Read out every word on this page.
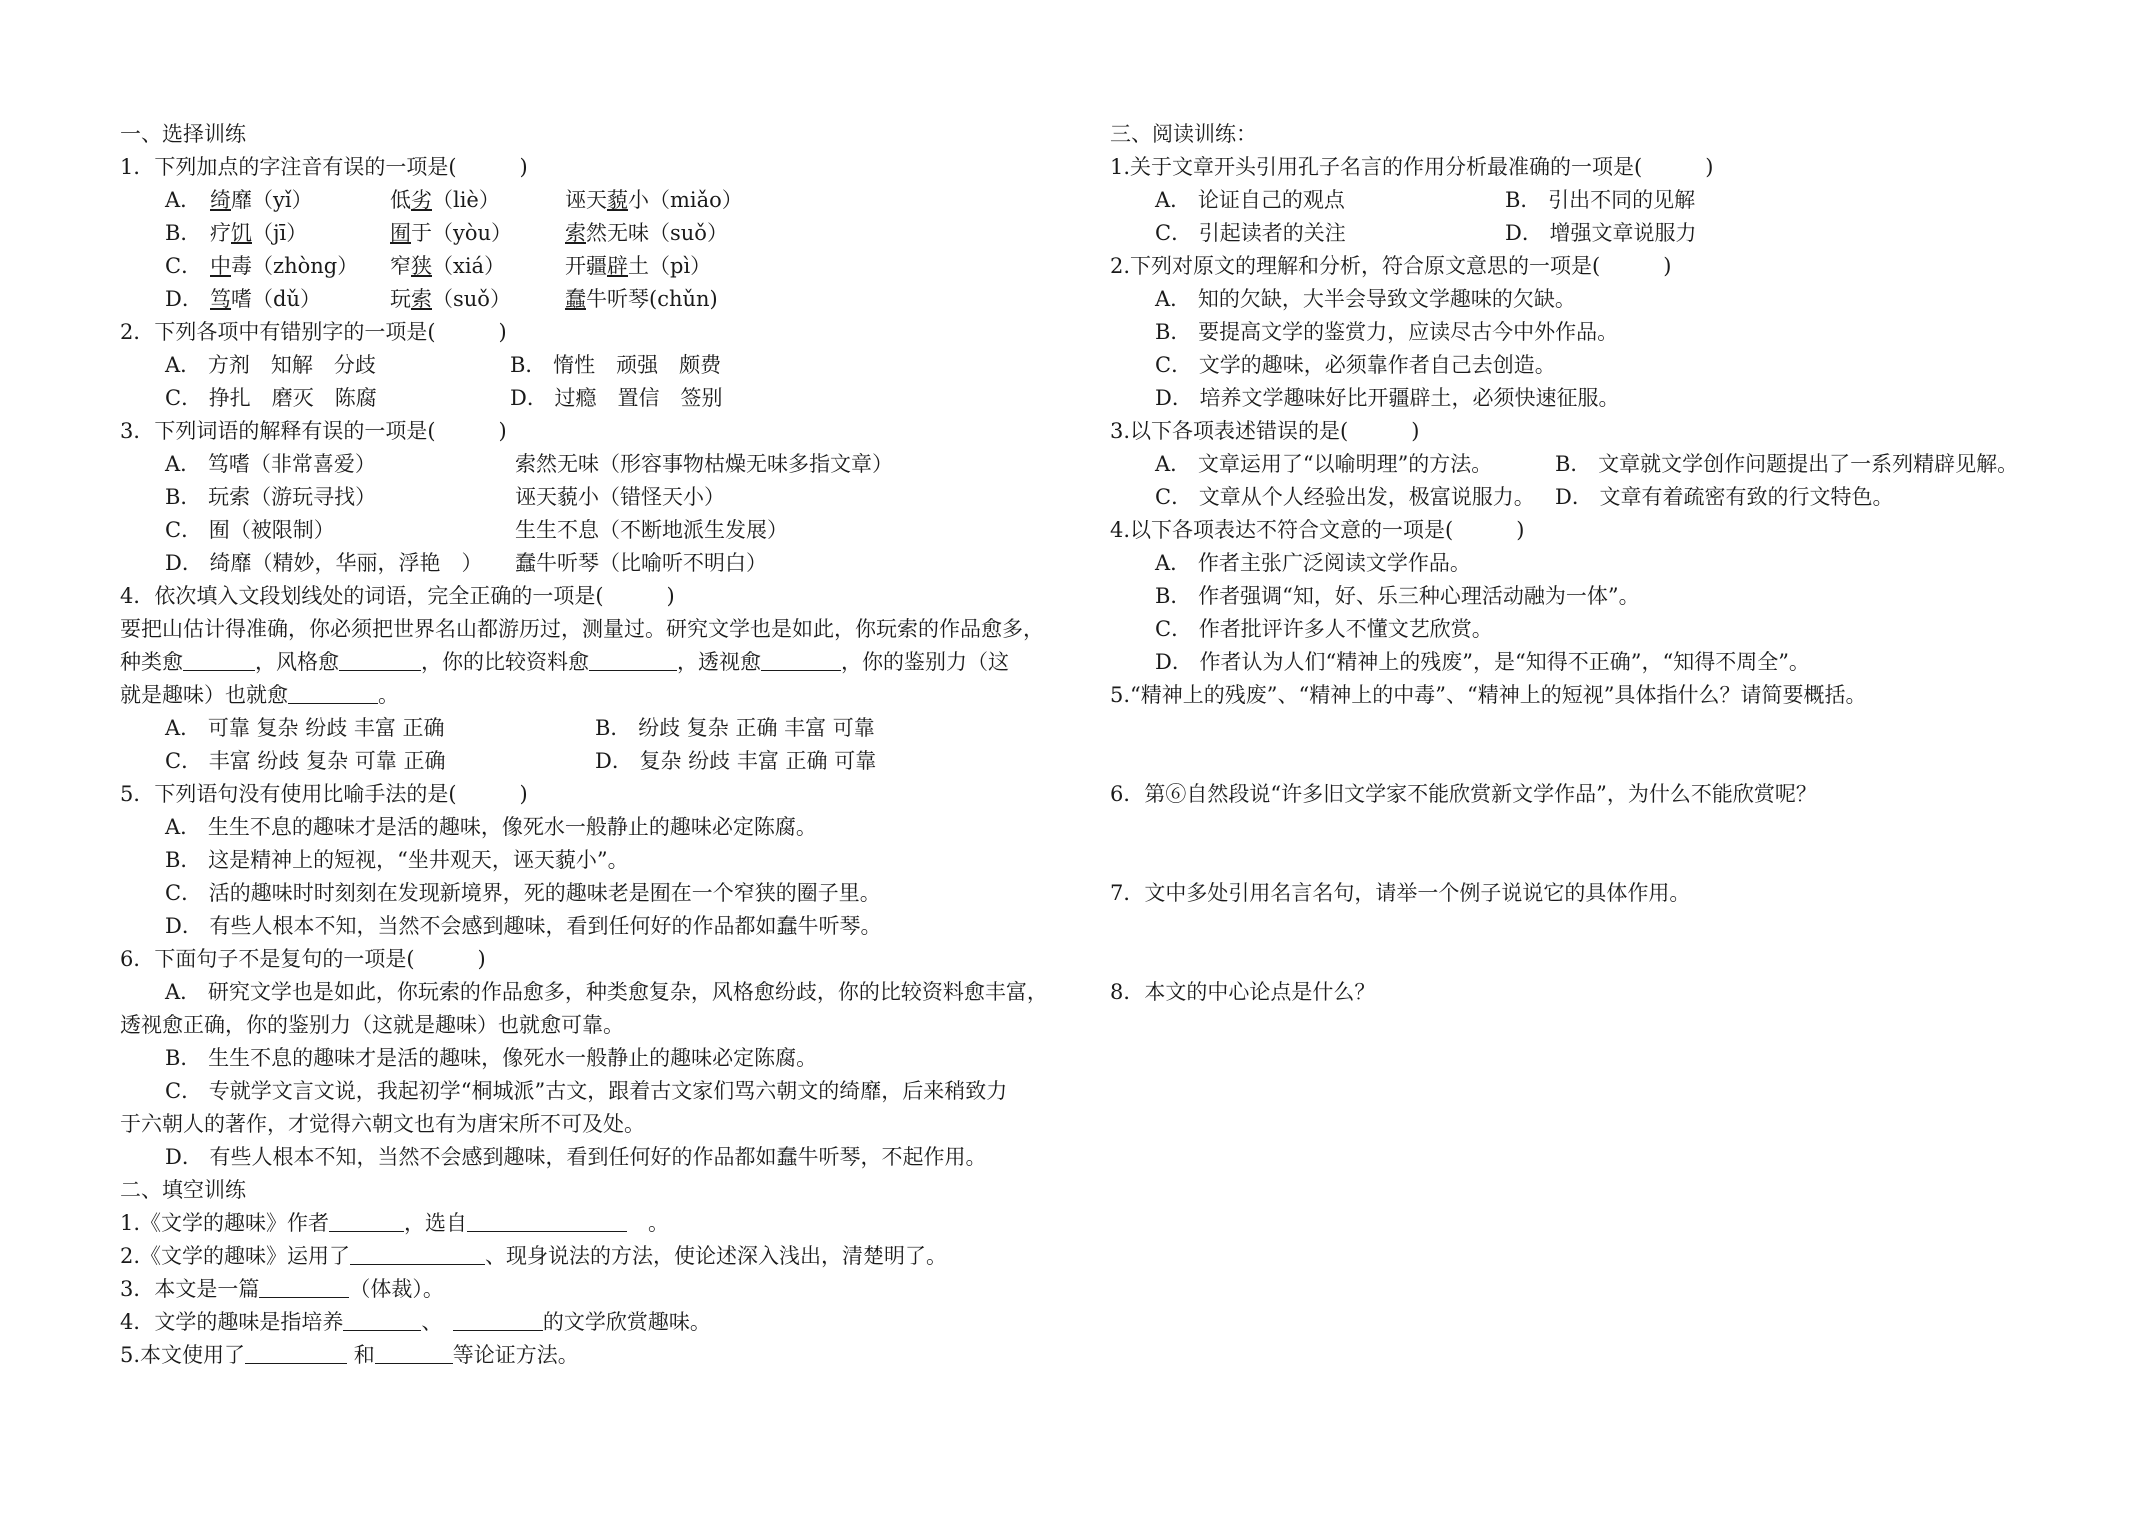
一、选择训练
1．下列加点的字注音有误的一项是(　　　)
A． 绮靡（yǐ）	低劣（liè）	诬天藐小（miǎo）
B． 疗饥（jī）	囿于（yòu）	索然无味（suǒ）
C． 中毒（zhòng） 窄狭（xiá）	开疆辟土（pì）
D． 笃嗜（dǔ）	玩索（suǒ）	蠢牛听琴(chǔn)
2．下列各项中有错别字的一项是(　　　)
A． 方剂　知解　分歧	B． 惰性　顽强　颇费
C． 挣扎　磨灭　陈腐	D． 过瘾　置信　签别
3．下列词语的解释有误的一项是(　　　)
A． 笃嗜（非常喜爱）	索然无味（形容事物枯燥无味多指文章）
B． 玩索（游玩寻找）	诬天藐小（错怪天小）
C． 囿（被限制）	生生不息（不断地派生发展）
D． 绮靡（精妙，华丽，浮艳　） 蠢牛听琴（比喻听不明白）
4．依次填入文段划线处的词语，完全正确的一项是(　　　)
要把山估计得准确，你必须把世界名山都游历过，测量过。研究文学也是如此，你玩索的作品愈多，
种类愈	，风格愈	，你的比较资料愈	，透视愈	，你的鉴别力（这
就是趣味）也就愈	。
A． 可靠 复杂 纷歧 丰富 正确	B． 纷歧 复杂 正确 丰富 可靠
C． 丰富 纷歧 复杂 可靠 正确	D． 复杂 纷歧 丰富 正确 可靠
5．下列语句没有使用比喻手法的是(　　　)
A． 生生不息的趣味才是活的趣味，像死水一般静止的趣味必定陈腐。
B． 这是精神上的短视，“坐井观天，诬天藐小”。
C． 活的趣味时时刻刻在发现新境界，死的趣味老是囿在一个窄狭的圈子里。
D． 有些人根本不知，当然不会感到趣味，看到任何好的作品都如蠢牛听琴。
6．下面句子不是复句的一项是(　　　)
A． 研究文学也是如此，你玩索的作品愈多，种类愈复杂，风格愈纷歧，你的比较资料愈丰富，
透视愈正确，你的鉴别力（这就是趣味）也就愈可靠。
B． 生生不息的趣味才是活的趣味，像死水一般静止的趣味必定陈腐。
C． 专就学文言文说，我起初学“桐城派”古文，跟着古文家们骂六朝文的绮靡，后来稍致力
于六朝人的著作，才觉得六朝文也有为唐宋所不可及处。
D． 有些人根本不知，当然不会感到趣味，看到任何好的作品都如蠢牛听琴，不起作用。
二、填空训练
1.《文学的趣味》作者	，选自	　。
2.《文学的趣味》运用了	、现身说法的方法，使论述深入浅出，清楚明了。
3．本文是一篇	（体裁）。
4．文学的趣味是指培养	、　	的文学欣赏趣味。
5.本文使用了	和	等论证方法。
三、阅读训练：
1.关于文章开头引用孔子名言的作用分析最准确的一项是(　　　)
A． 论证自己的观点	B． 引出不同的见解
C． 引起读者的关注	D． 增强文章说服力
2.下列对原文的理解和分析，符合原文意思的一项是(　　　)
A． 知的欠缺，大半会导致文学趣味的欠缺。
B． 要提高文学的鉴赏力，应读尽古今中外作品。
C． 文学的趣味，必须靠作者自己去创造。
D． 培养文学趣味好比开疆辟土，必须快速征服。
3.以下各项表述错误的是(　　　)
A． 文章运用了“以喻明理”的方法。	B． 文章就文学创作问题提出了一系列精辟见解。
C． 文章从个人经验出发，极富说服力。 D． 文章有着疏密有致的行文特色。
4.以下各项表达不符合文意的一项是(　　　)
A． 作者主张广泛阅读文学作品。
B． 作者强调“知，好、乐三种心理活动融为一体”。
C． 作者批评许多人不懂文艺欣赏。
D． 作者认为人们“精神上的残废”，是“知得不正确”，“知得不周全”。
5.“精神上的残废”、“精神上的中毒”、“精神上的短视”具体指什么？请简要概括。
6．第⑥自然段说“许多旧文学家不能欣赏新文学作品”，为什么不能欣赏呢？
7．文中多处引用名言名句，请举一个例子说说它的具体作用。
8．本文的中心论点是什么？
